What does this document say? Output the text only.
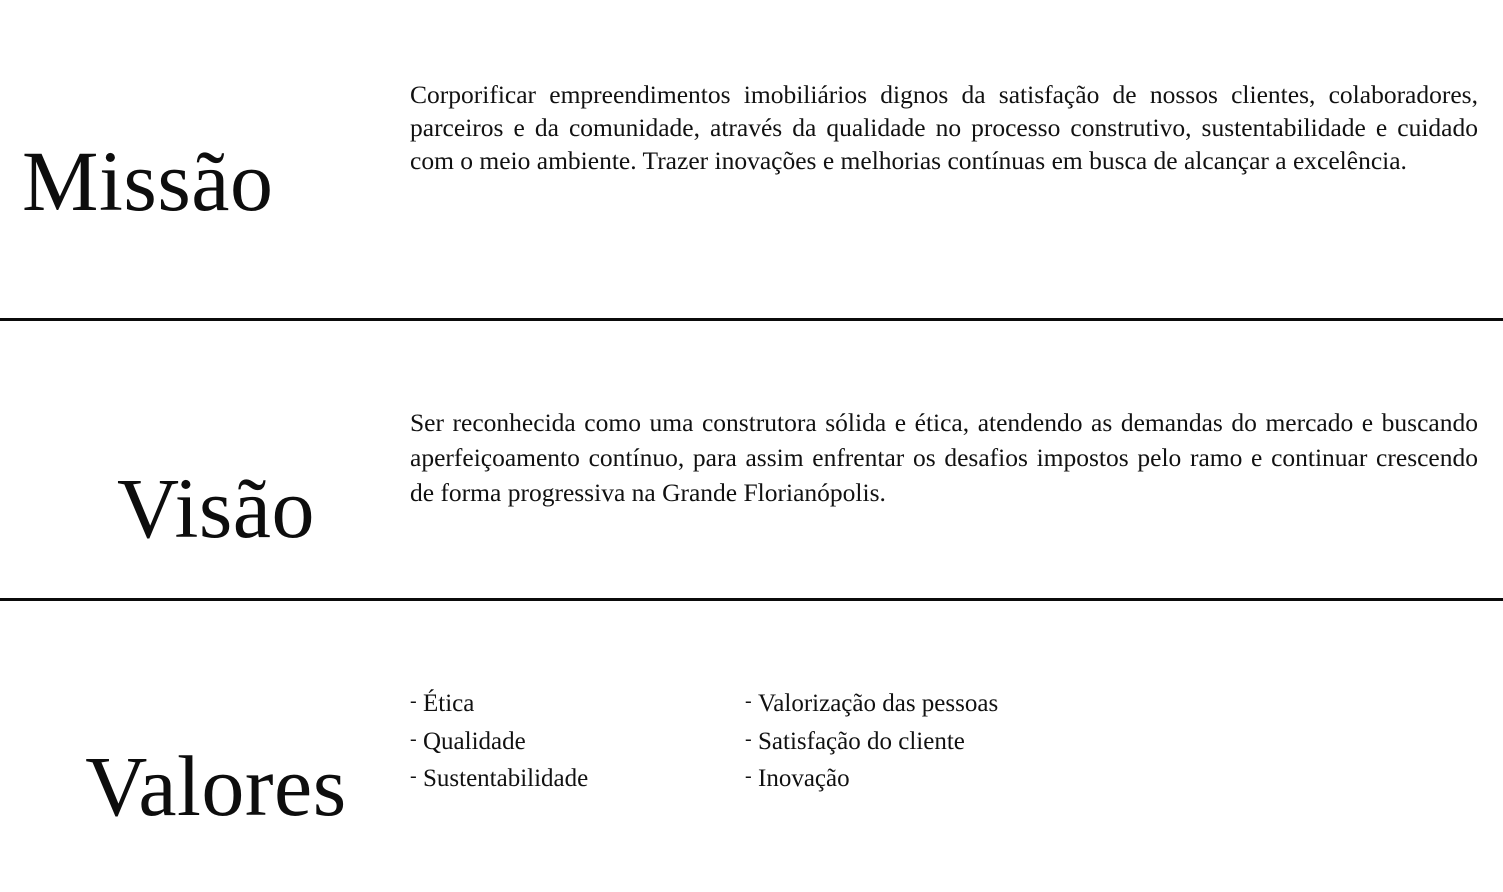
Missão

Corporificar empreendimentos imobiliários dignos da satisfação de nossos clientes, colaboradores, parceiros e da comunidade, através da qualidade no processo construtivo, sustentabilidade e cuidado com o meio ambiente. Trazer inovações e melhorias contínuas em busca de alcançar a excelência.

Visão

Ser reconhecida como uma construtora sólida e ética, atendendo as demandas do mercado e buscando aperfeiçoamento contínuo, para assim enfrentar os desafios impostos pelo ramo e continuar crescendo de forma progressiva na Grande Florianópolis.

Valores
- Ética
- Qualidade
- Sustentabilidade
- Valorização das pessoas
- Satisfação do cliente
- Inovação
